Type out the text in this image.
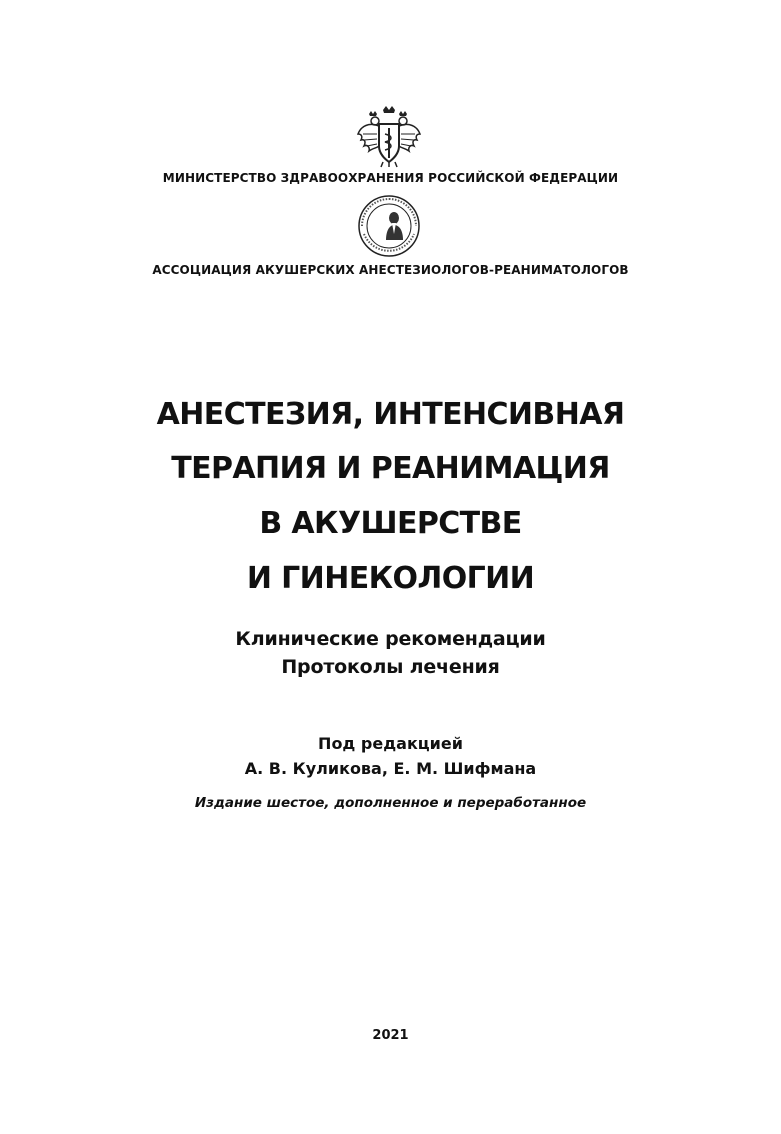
МИНИСТЕРСТВО ЗДРАВООХРАНЕНИЯ РОССИЙСКОЙ ФЕДЕРАЦИИ
АССОЦИАЦИЯ АКУШЕРСКИХ АНЕСТЕЗИОЛОГОВ-РЕАНИМАТОЛОГОВ
АНЕСТЕЗИЯ, ИНТЕНСИВНАЯ
ТЕРАПИЯ И РЕАНИМАЦИЯ
В АКУШЕРСТВЕ
И ГИНЕКОЛОГИИ
Клинические рекомендации
Протоколы лечения
Под редакцией
А. В. Куликова, Е. М. Шифмана
Издание шестое, дополненное и переработанное
2021
